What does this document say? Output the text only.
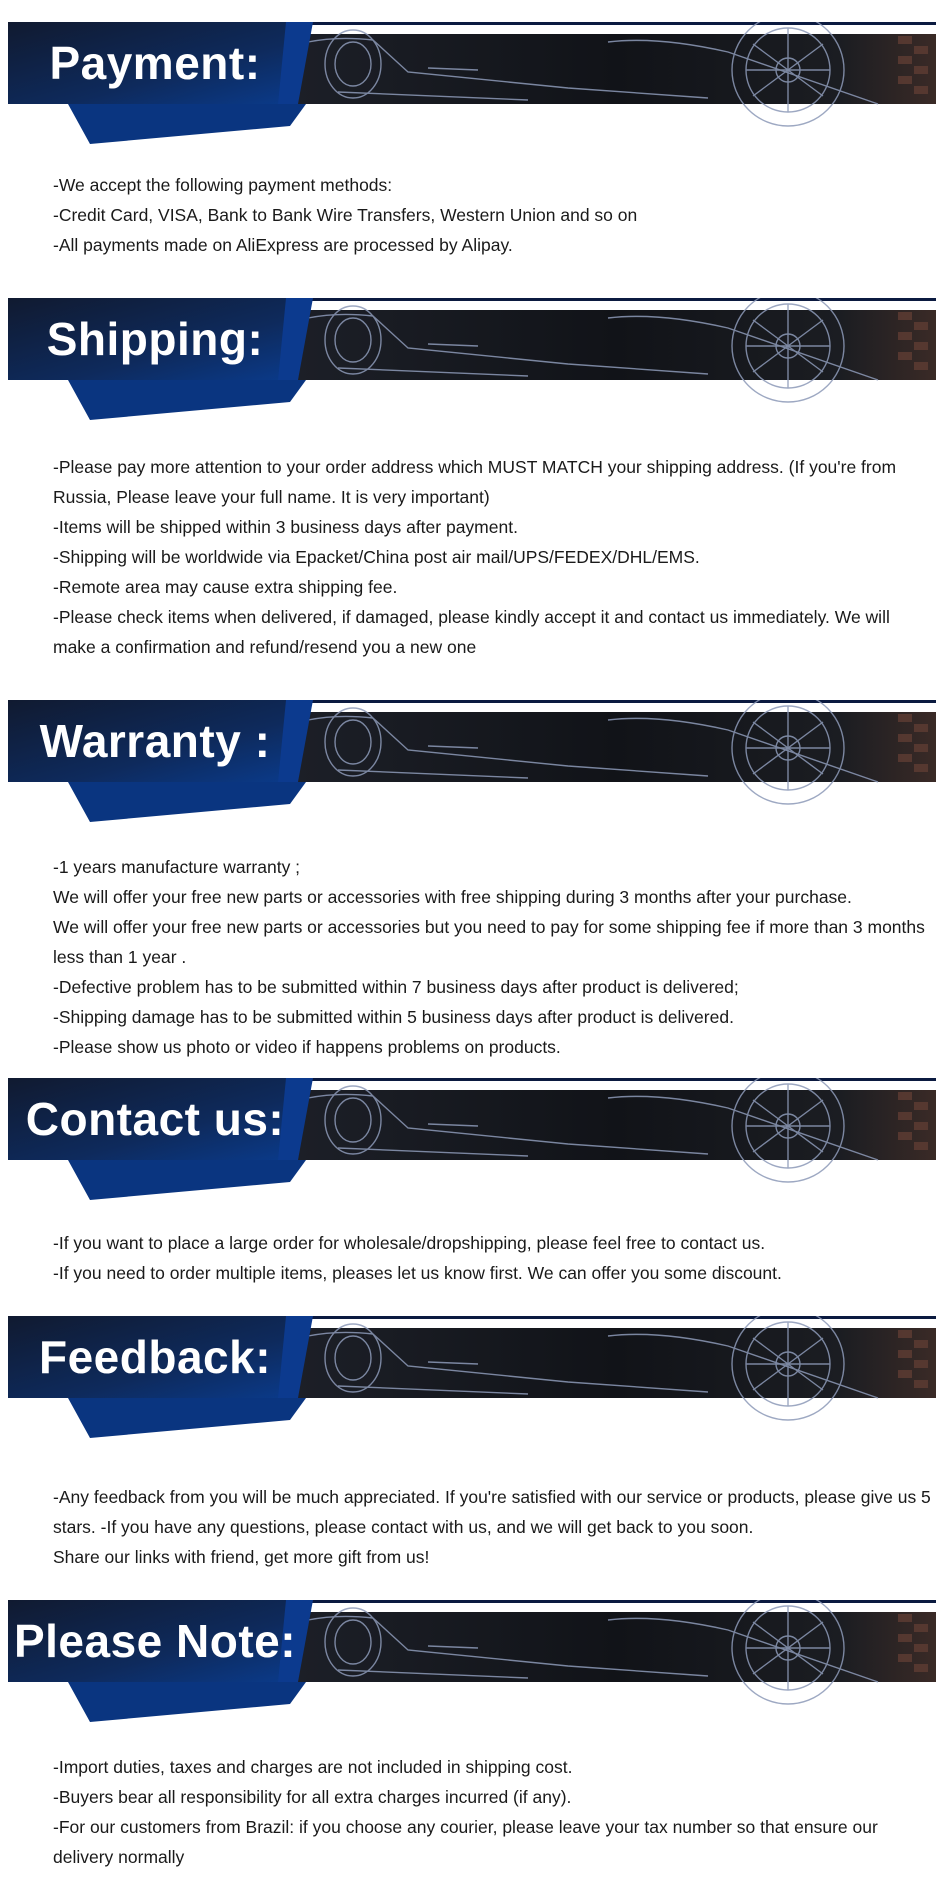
Payment:
-We accept the following payment methods:
-Credit Card, VISA, Bank to Bank Wire Transfers, Western Union and so on
-All payments made on AliExpress are processed by Alipay.
Shipping:
-Please pay more attention to your order address which MUST MATCH your shipping address. (If you're from Russia, Please leave your full name. It is very important)
-Items will be shipped within 3 business days after payment.
-Shipping will be worldwide via Epacket/China post air mail/UPS/FEDEX/DHL/EMS.
-Remote area may cause extra shipping fee.
-Please check items when delivered, if damaged, please kindly accept it and contact us immediately. We will make a confirmation and refund/resend you a new one
Warranty :
-1 years manufacture warranty ;
We will offer your free new parts or accessories with free shipping during 3 months after your purchase.
We will offer your free new parts or accessories but you need to pay for some shipping fee if more than 3 months less than 1 year .
-Defective problem has to be submitted within 7 business days after product is delivered;
-Shipping damage has to be submitted within 5 business days after product is delivered.
-Please show us photo or video if happens problems on products.
Contact us:
-If you want to place a large order for wholesale/dropshipping, please feel free to contact us.
-If you need to order multiple items, pleases let us know first. We can offer you some discount.
Feedback:
-Any feedback from you will be much appreciated. If you're satisfied with our service or products, please give us 5 stars. -If you have any questions, please contact with us, and we will get back to you soon.
Share our links with friend, get more gift from us!
Please Note:
-Import duties, taxes and charges are not included in shipping cost.
-Buyers bear all responsibility for all extra charges incurred (if any).
-For our customers from Brazil: if you choose any courier, please leave your tax number so that ensure our delivery normally
